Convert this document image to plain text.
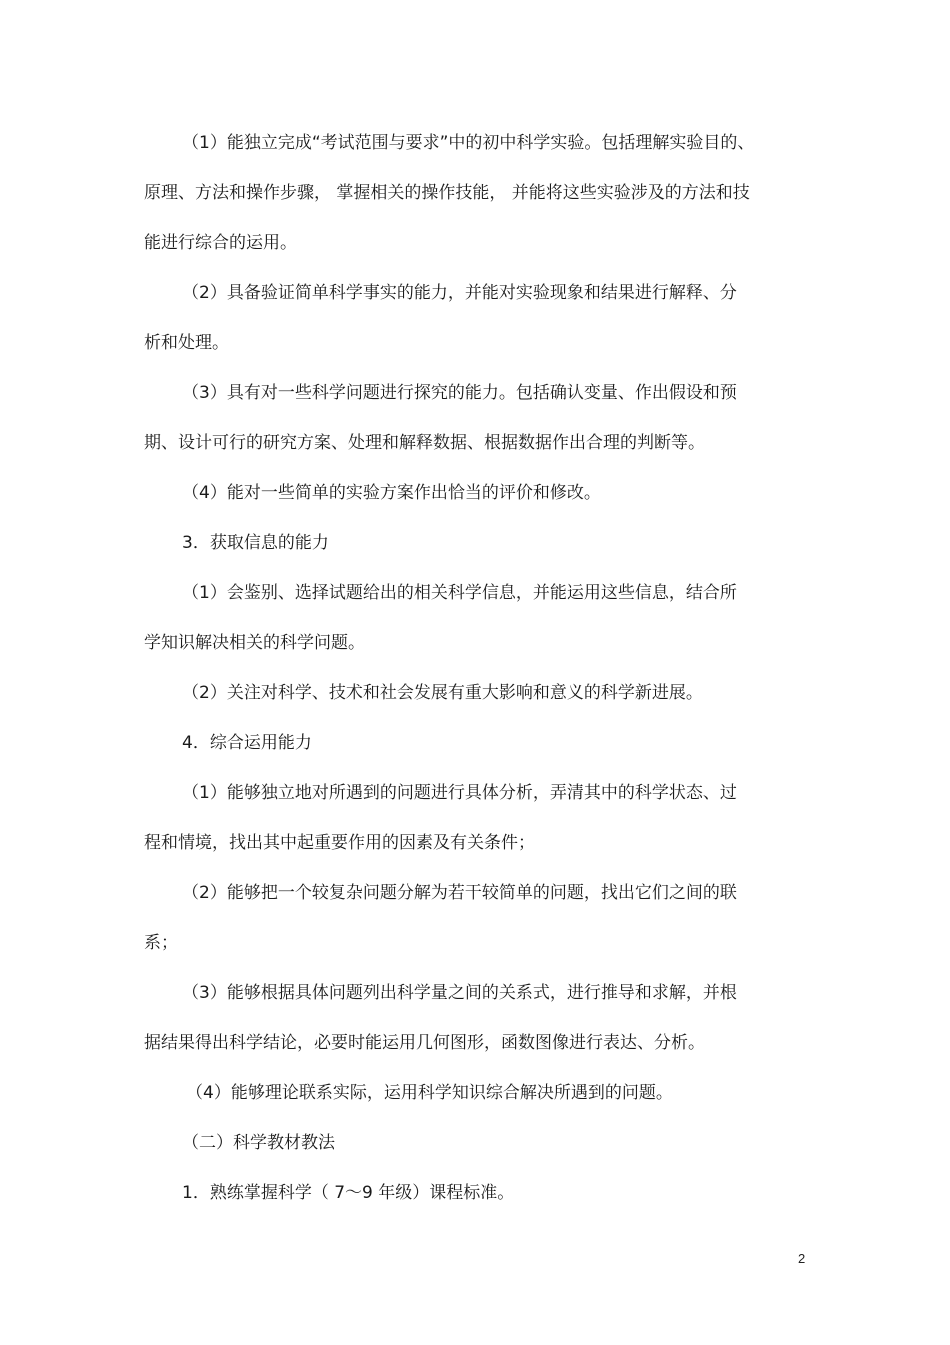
（1）能独立完成“考试范围与要求”中的初中科学实验。包括理解实验目的、
原理、方法和操作步骤， 掌握相关的操作技能， 并能将这些实验涉及的方法和技
能进行综合的运用。
（2）具备验证简单科学事实的能力，并能对实验现象和结果进行解释、分
析和处理。
（3）具有对一些科学问题进行探究的能力。包括确认变量、作出假设和预
期、设计可行的研究方案、处理和解释数据、根据数据作出合理的判断等。
（4）能对一些简单的实验方案作出恰当的评价和修改。
3．获取信息的能力
（1）会鉴别、选择试题给出的相关科学信息，并能运用这些信息，结合所
学知识解决相关的科学问题。
（2）关注对科学、技术和社会发展有重大影响和意义的科学新进展。
4．综合运用能力
（1）能够独立地对所遇到的问题进行具体分析，弄清其中的科学状态、过
程和情境，找出其中起重要作用的因素及有关条件；
（2）能够把一个较复杂问题分解为若干较简单的问题，找出它们之间的联
系；
（3）能够根据具体问题列出科学量之间的关系式，进行推导和求解，并根
据结果得出科学结论，必要时能运用几何图形，函数图像进行表达、分析。
（4）能够理论联系实际，运用科学知识综合解决所遇到的问题。
（二）科学教材教法
1．熟练掌握科学（ 7～9 年级）课程标准。
2
